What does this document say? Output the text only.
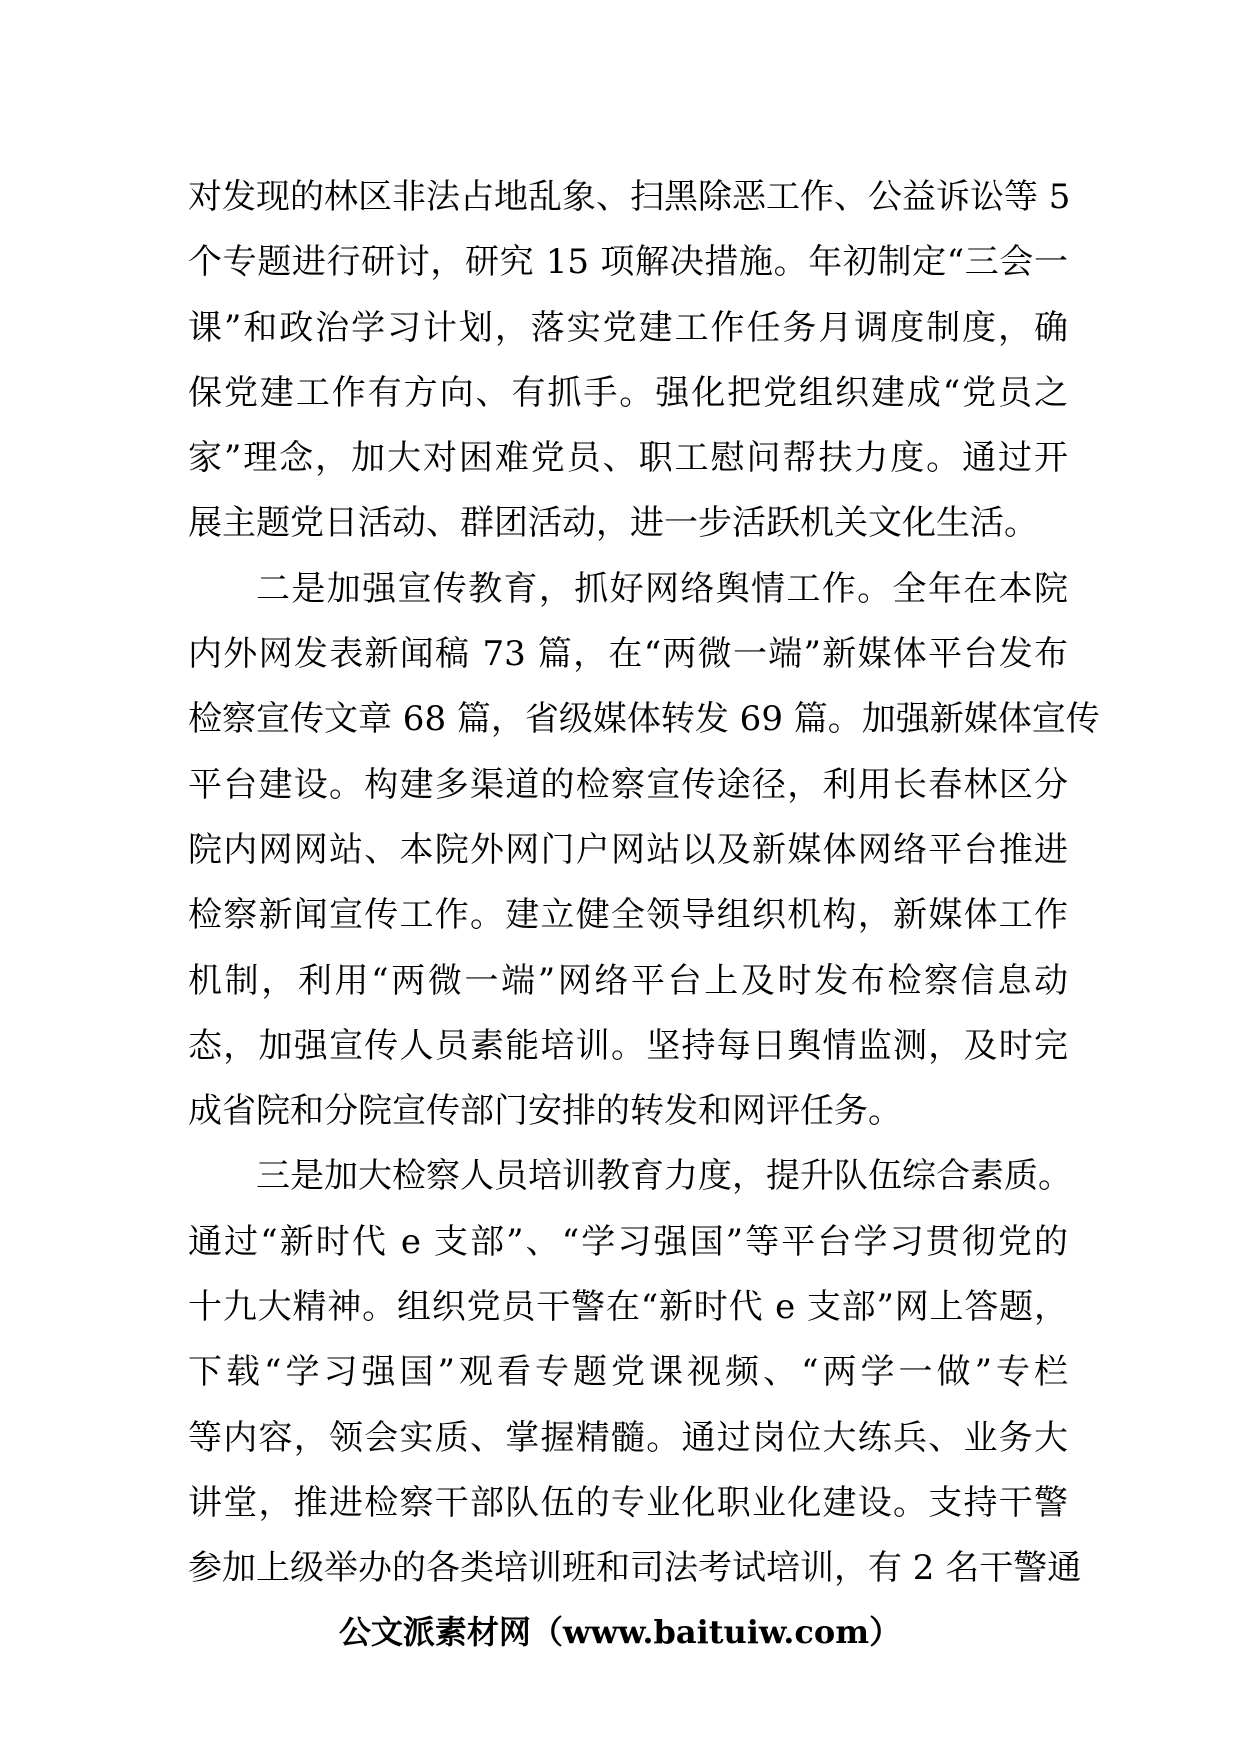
对发现的林区非法占地乱象、扫黑除恶工作、公益诉讼等 5
个专题进行研讨，研究 15 项解决措施。年初制定“三会一
课”和政治学习计划，落实党建工作任务月调度制度，确
保党建工作有方向、有抓手。强化把党组织建成“党员之
家”理念，加大对困难党员、职工慰问帮扶力度。通过开
展主题党日活动、群团活动，进一步活跃机关文化生活。
二是加强宣传教育，抓好网络舆情工作。全年在本院
内外网发表新闻稿 73 篇，在“两微一端”新媒体平台发布
检察宣传文章 68 篇，省级媒体转发 69 篇。加强新媒体宣传
平台建设。构建多渠道的检察宣传途径，利用长春林区分
院内网网站、本院外网门户网站以及新媒体网络平台推进
检察新闻宣传工作。建立健全领导组织机构，新媒体工作
机制，利用“两微一端”网络平台上及时发布检察信息动
态，加强宣传人员素能培训。坚持每日舆情监测，及时完
成省院和分院宣传部门安排的转发和网评任务。
三是加大检察人员培训教育力度，提升队伍综合素质。
通过“新时代 e 支部”、“学习强国”等平台学习贯彻党的
十九大精神。组织党员干警在“新时代 e 支部”网上答题，
下载“学习强国”观看专题党课视频、“两学一做”专栏
等内容，领会实质、掌握精髓。通过岗位大练兵、业务大
讲堂，推进检察干部队伍的专业化职业化建设。支持干警
参加上级举办的各类培训班和司法考试培训，有 2 名干警通
公文派素材网（www.baituiw.com）
